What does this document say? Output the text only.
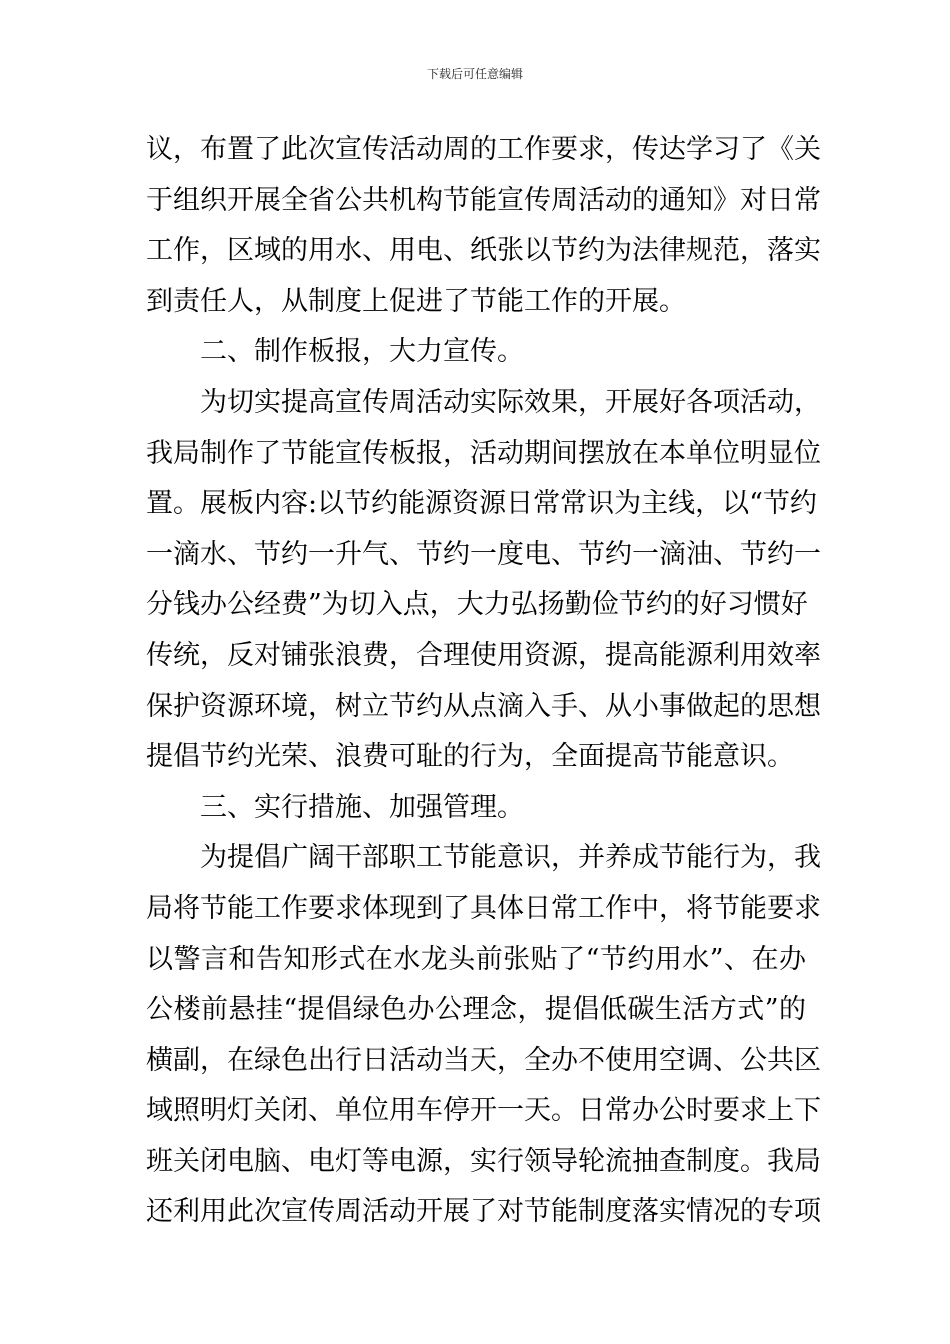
下载后可任意编辑
议，布置了此次宣传活动周的工作要求，传达学习了《关
于组织开展全省公共机构节能宣传周活动的通知》对日常
工作，区域的用水、用电、纸张以节约为法律规范，落实
到责任人，从制度上促进了节能工作的开展。
二、制作板报，大力宣传。
为切实提高宣传周活动实际效果，开展好各项活动，
我局制作了节能宣传板报，活动期间摆放在本单位明显位
置。展板内容:以节约能源资源日常常识为主线，以“节约
一滴水、节约一升气、节约一度电、节约一滴油、节约一
分钱办公经费”为切入点，大力弘扬勤俭节约的好习惯好
传统，反对铺张浪费，合理使用资源，提高能源利用效率
保护资源环境，树立节约从点滴入手、从小事做起的思想
提倡节约光荣、浪费可耻的行为，全面提高节能意识。
三、实行措施、加强管理。
为提倡广阔干部职工节能意识，并养成节能行为，我
局将节能工作要求体现到了具体日常工作中，将节能要求
以警言和告知形式在水龙头前张贴了“节约用水”、在办
公楼前悬挂“提倡绿色办公理念，提倡低碳生活方式”的
横副，在绿色出行日活动当天，全办不使用空调、公共区
域照明灯关闭、单位用车停开一天。日常办公时要求上下
班关闭电脑、电灯等电源，实行领导轮流抽查制度。我局
还利用此次宣传周活动开展了对节能制度落实情况的专项
